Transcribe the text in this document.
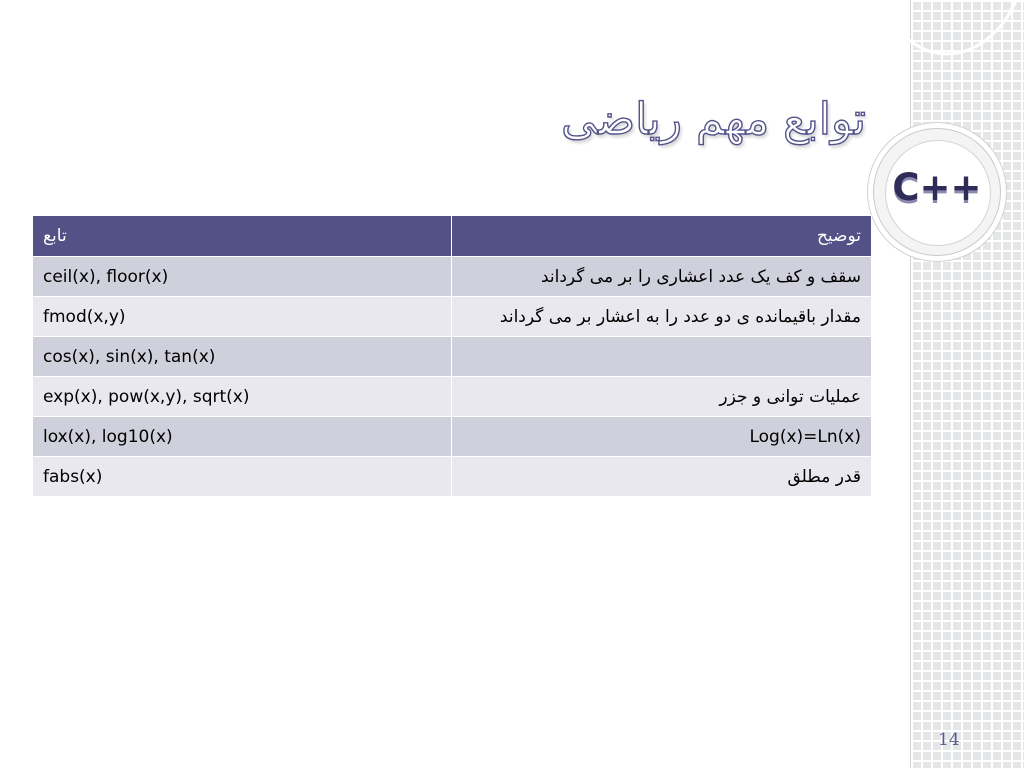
C++
توابع مهم ریاضی
تابع	توضیح
ceil(x), floor(x)	سقف و کف یک عدد اعشاری را بر می گرداند
fmod(x,y)	مقدار باقیمانده ی دو عدد را به اعشار بر می گرداند
cos(x), sin(x), tan(x)	
exp(x), pow(x,y), sqrt(x)	عملیات توانی و جزر
lox(x), log10(x)	Log(x)=Ln(x)
fabs(x)	قدر مطلق
14
